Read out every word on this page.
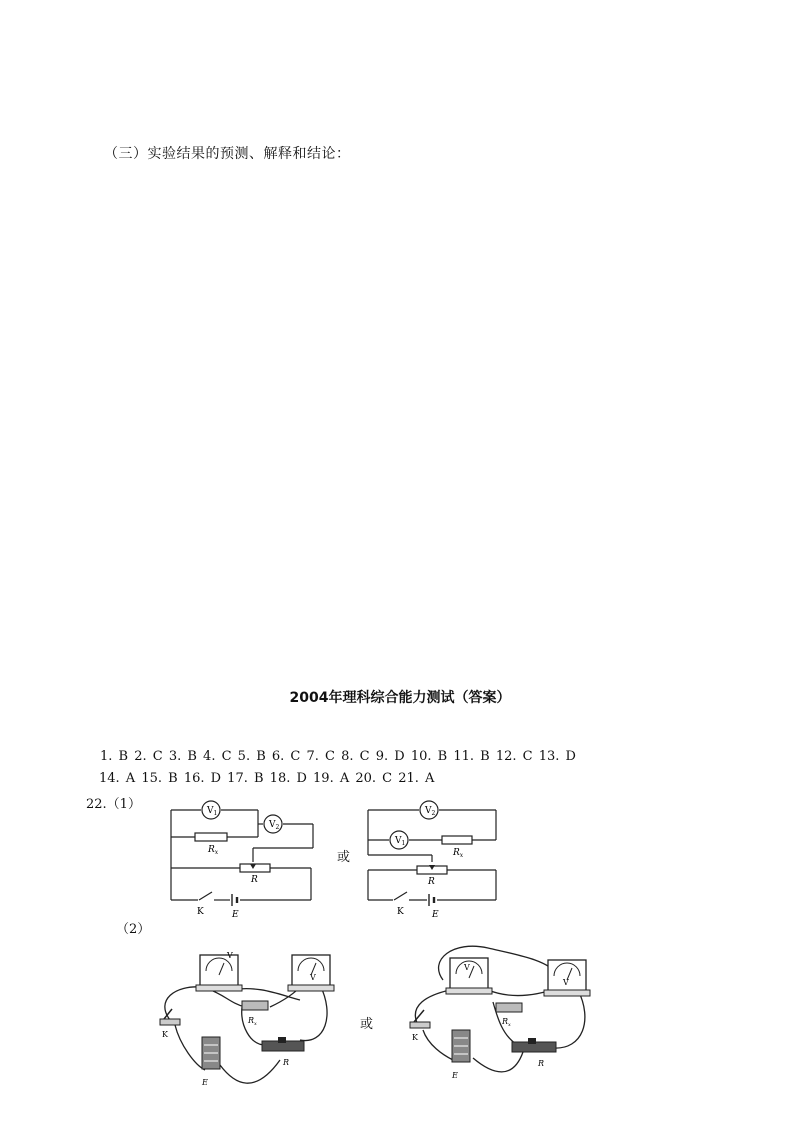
（三）实验结果的预测、解释和结论：
2004年理科综合能力测试（答案）
1. B 2. C 3. B 4. C 5. B 6. C 7. C 8. C 9. D 10. B 11. B 12. C 13. D
14. A 15. B 16. D 17. B 18. D 19. A 20. C 21. A
22.（1）	$V_1$
$V_2$
$R_x$
R
K	E
或
$V_2$
$V_1$
$R_x$
R
K	E
（2）
V
V
$R_x$
K
E
R
或
V
V
$R_x$
K
E
R
